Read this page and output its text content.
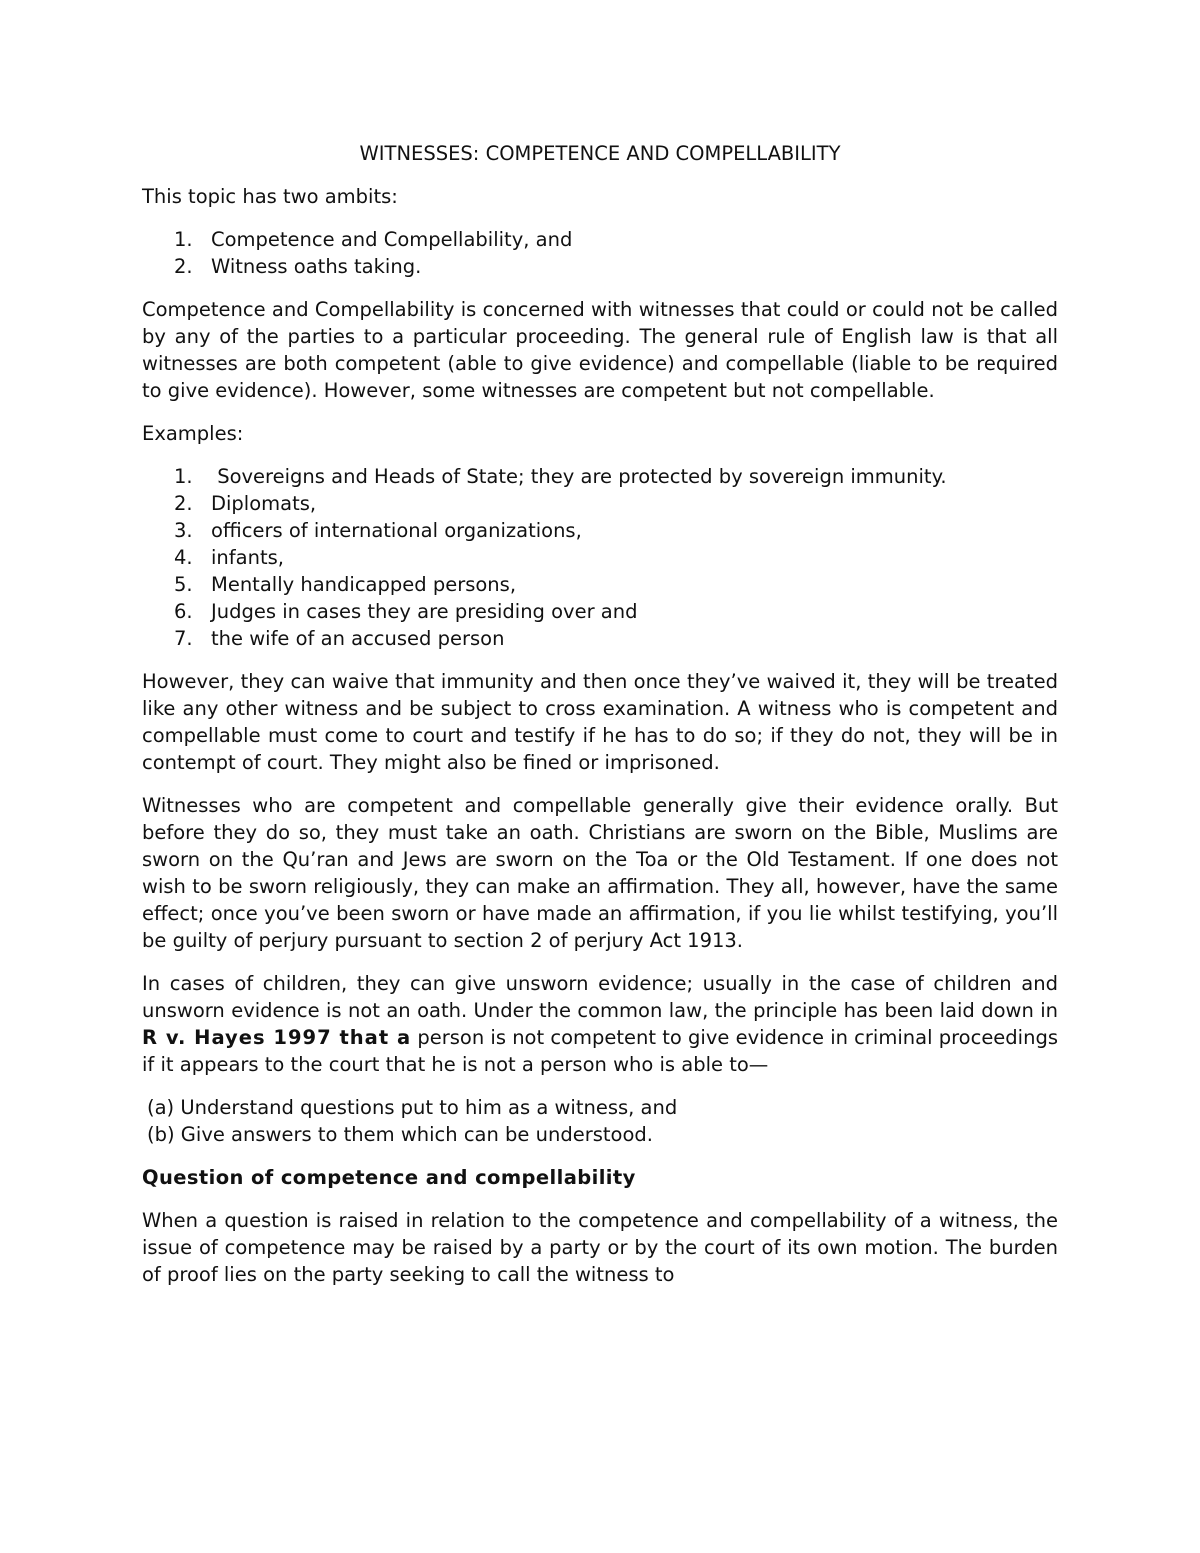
WITNESSES: COMPETENCE AND COMPELLABILITY

This topic has two ambits:

1. Competence and Compellability, and
2. Witness oaths taking.

Competence and Compellability is concerned with witnesses that could or could not be called by any of the parties to a particular proceeding. The general rule of English law is that all witnesses are both competent (able to give evidence) and compellable (liable to be required to give evidence). However, some witnesses are competent but not compellable.

Examples:

1. Sovereigns and Heads of State; they are protected by sovereign immunity.
2. Diplomats,
3. officers of international organizations,
4. infants,
5. Mentally handicapped persons,
6. Judges in cases they are presiding over and
7. the wife of an accused person

However, they can waive that immunity and then once they’ve waived it, they will be treated like any other witness and be subject to cross examination. A witness who is competent and compellable must come to court and testify if he has to do so; if they do not, they will be in contempt of court. They might also be fined or imprisoned.

Witnesses who are competent and compellable generally give their evidence orally. But before they do so, they must take an oath. Christians are sworn on the Bible, Muslims are sworn on the Qu’ran and Jews are sworn on the Toa or the Old Testament. If one does not wish to be sworn religiously, they can make an affirmation. They all, however, have the same effect; once you’ve been sworn or have made an affirmation, if you lie whilst testifying, you’ll be guilty of perjury pursuant to section 2 of perjury Act 1913.

In cases of children, they can give unsworn evidence; usually in the case of children and unsworn evidence is not an oath. Under the common law, the principle has been laid down in R v. Hayes 1997 that a person is not competent to give evidence in criminal proceedings if it appears to the court that he is not a person who is able to—

(a) Understand questions put to him as a witness, and
(b) Give answers to them which can be understood.
Question of competence and compellability

When a question is raised in relation to the competence and compellability of a witness, the issue of competence may be raised by a party or by the court of its own motion. The burden of proof lies on the party seeking to call the witness to
